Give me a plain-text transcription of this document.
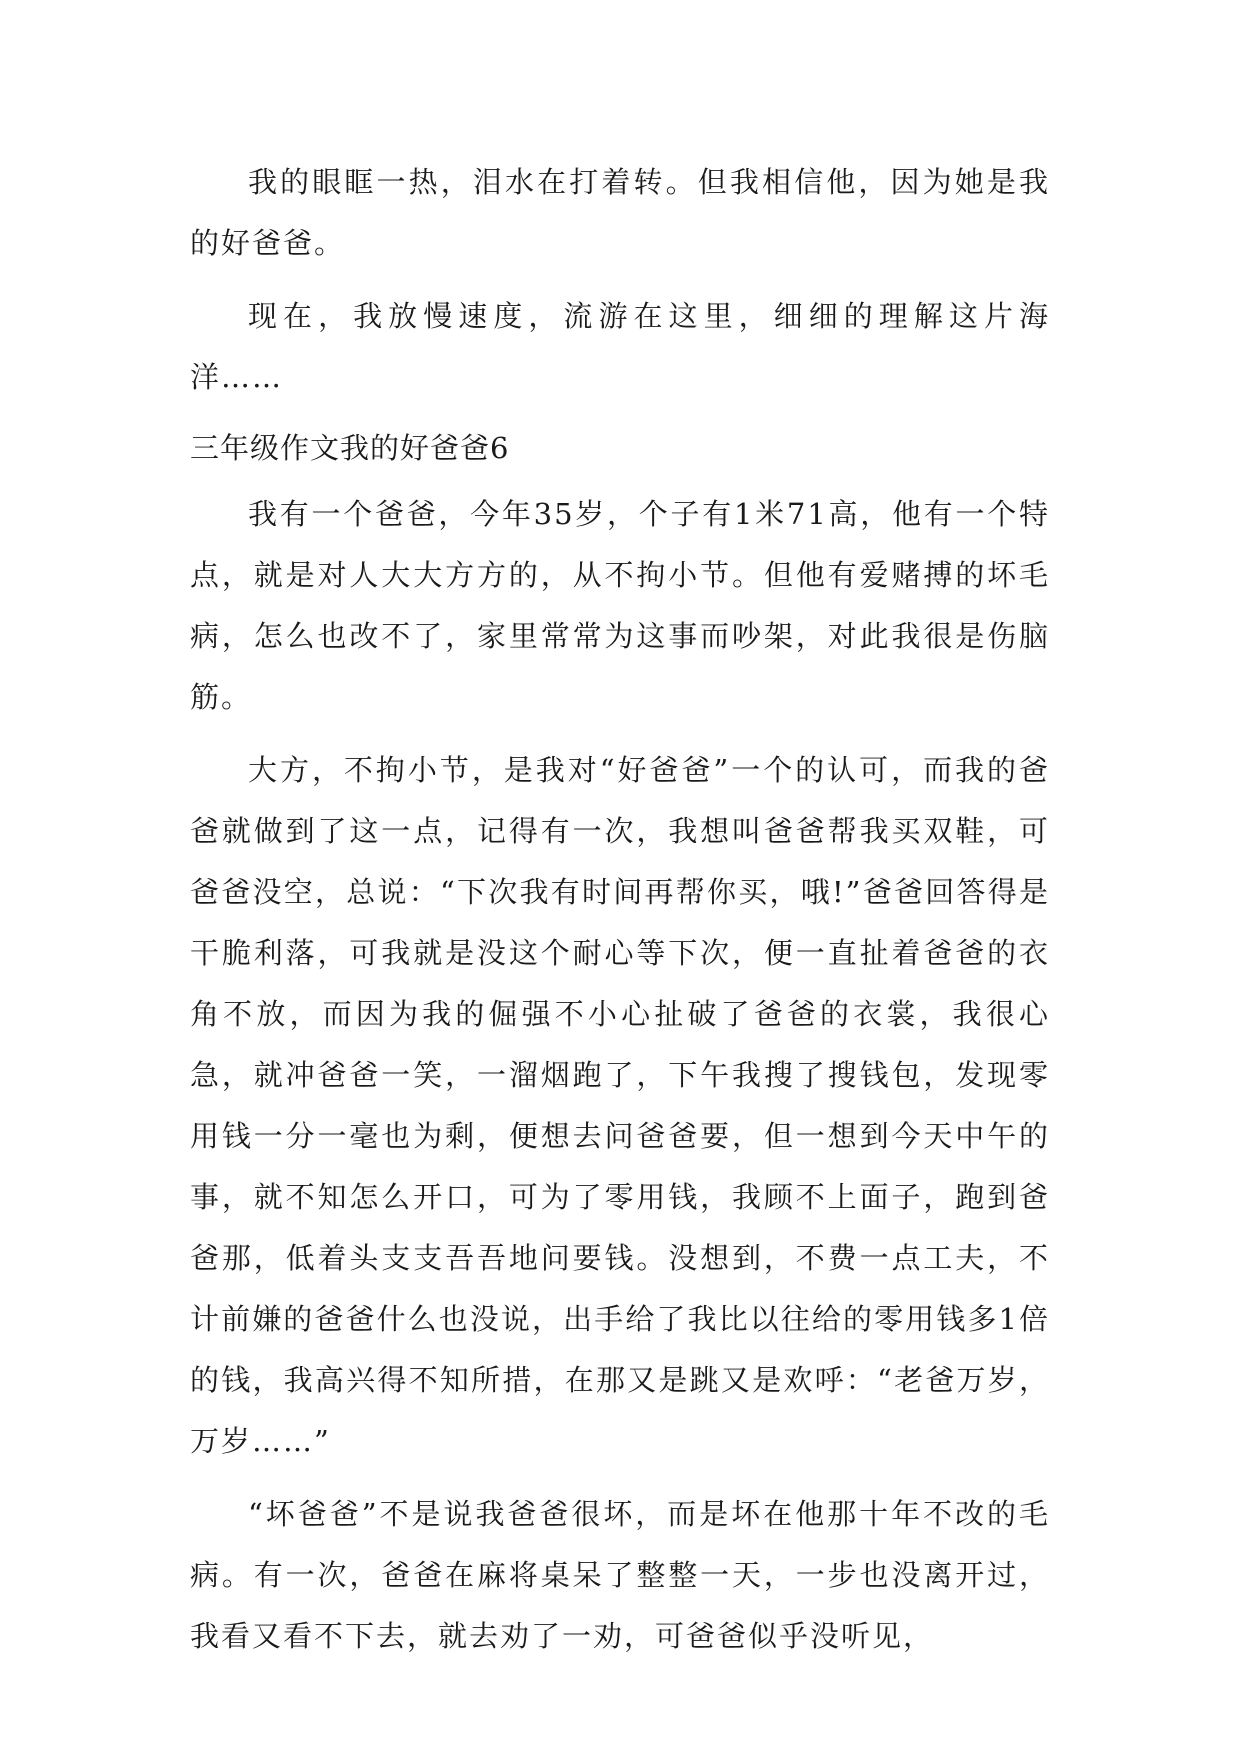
我的眼眶一热，泪水在打着转。但我相信他，因为她是我的好爸爸。

现在，我放慢速度，流游在这里，细细的理解这片海洋……

三年级作文我的好爸爸6

我有一个爸爸，今年35岁，个子有1米71高，他有一个特点，就是对人大大方方的，从不拘小节。但他有爱赌搏的坏毛病，怎么也改不了，家里常常为这事而吵架，对此我很是伤脑筋。

大方，不拘小节，是我对“好爸爸”一个的认可，而我的爸爸就做到了这一点，记得有一次，我想叫爸爸帮我买双鞋，可爸爸没空，总说：“下次我有时间再帮你买，哦!”爸爸回答得是干脆利落，可我就是没这个耐心等下次，便一直扯着爸爸的衣角不放，而因为我的倔强不小心扯破了爸爸的衣裳，我很心急，就冲爸爸一笑，一溜烟跑了，下午我搜了搜钱包，发现零用钱一分一毫也为剩，便想去问爸爸要，但一想到今天中午的事，就不知怎么开口，可为了零用钱，我顾不上面子，跑到爸爸那，低着头支支吾吾地问要钱。没想到，不费一点工夫，不计前嫌的爸爸什么也没说，出手给了我比以往给的零用钱多1倍的钱，我高兴得不知所措，在那又是跳又是欢呼：“老爸万岁，万岁……”

“坏爸爸”不是说我爸爸很坏，而是坏在他那十年不改的毛病。有一次，爸爸在麻将桌呆了整整一天，一步也没离开过，我看又看不下去，就去劝了一劝，可爸爸似乎没听见，
